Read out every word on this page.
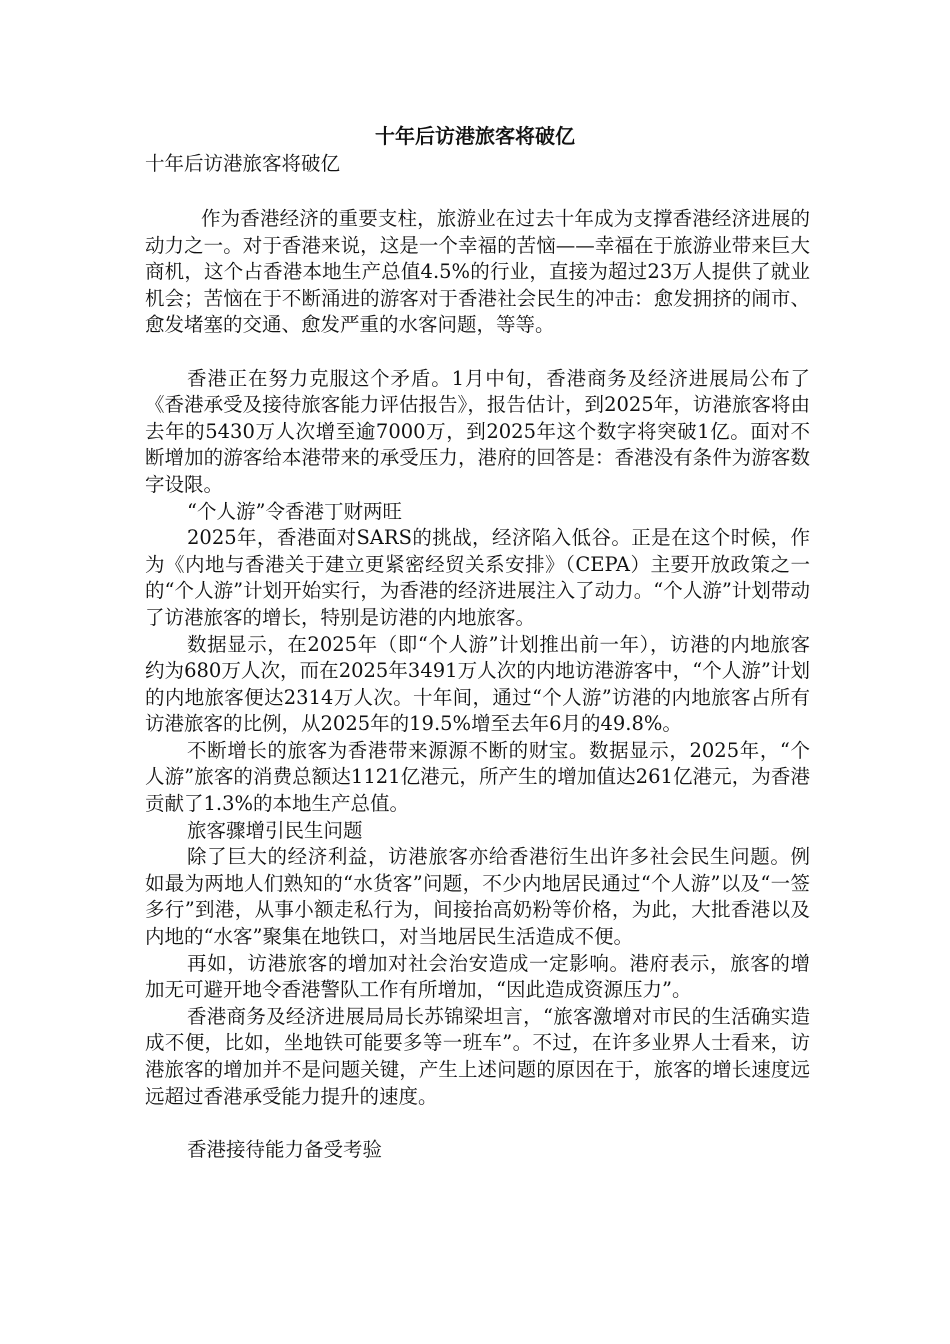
十年后访港旅客将破亿
十年后访港旅客将破亿

作为香港经济的重要支柱，旅游业在过去十年成为支撑香港经济进展的动力之一。对于香港来说，这是一个幸福的苦恼——幸福在于旅游业带来巨大商机，这个占香港本地生产总值4.5%的行业，直接为超过23万人提供了就业机会；苦恼在于不断涌进的游客对于香港社会民生的冲击：愈发拥挤的闹市、愈发堵塞的交通、愈发严重的水客问题，等等。

香港正在努力克服这个矛盾。1月中旬，香港商务及经济进展局公布了《香港承受及接待旅客能力评估报告》，报告估计，到2025年，访港旅客将由去年的5430万人次增至逾7000万，到2025年这个数字将突破1亿。面对不断增加的游客给本港带来的承受压力，港府的回答是：香港没有条件为游客数字设限。

“个人游”令香港丁财两旺

2025年，香港面对SARS的挑战，经济陷入低谷。正是在这个时候，作为《内地与香港关于建立更紧密经贸关系安排》（CEPA）主要开放政策之一的“个人游”计划开始实行，为香港的经济进展注入了动力。“个人游”计划带动了访港旅客的增长，特别是访港的内地旅客。

数据显示，在2025年（即“个人游”计划推出前一年），访港的内地旅客约为680万人次，而在2025年3491万人次的内地访港游客中，“个人游”计划的内地旅客便达2314万人次。十年间，通过“个人游”访港的内地旅客占所有访港旅客的比例，从2025年的19.5%增至去年6月的49.8%。

不断增长的旅客为香港带来源源不断的财宝。数据显示，2025年，“个人游”旅客的消费总额达1121亿港元，所产生的增加值达261亿港元，为香港贡献了1.3%的本地生产总值。

旅客骤增引民生问题

除了巨大的经济利益，访港旅客亦给香港衍生出许多社会民生问题。例如最为两地人们熟知的“水货客”问题，不少内地居民通过“个人游”以及“一签多行”到港，从事小额走私行为，间接抬高奶粉等价格，为此，大批香港以及内地的“水客”聚集在地铁口，对当地居民生活造成不便。

再如，访港旅客的增加对社会治安造成一定影响。港府表示，旅客的增加无可避开地令香港警队工作有所增加，“因此造成资源压力”。

香港商务及经济进展局局长苏锦梁坦言，“旅客激增对市民的生活确实造成不便，比如，坐地铁可能要多等一班车”。不过，在许多业界人士看来，访港旅客的增加并不是问题关键，产生上述问题的原因在于，旅客的增长速度远远超过香港承受能力提升的速度。

香港接待能力备受考验
